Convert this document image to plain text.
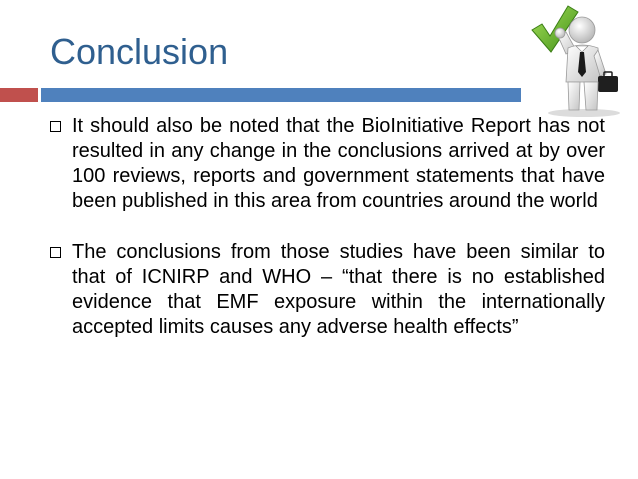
Conclusion
It should also be noted that the BioInitiative Report has not resulted in any change in the conclusions arrived at by over 100 reviews, reports and government statements that have been published in this area from countries around the world
The conclusions from those studies have been similar to that of ICNIRP and WHO – “that there is no established evidence that EMF exposure within the internationally accepted limits causes any adverse health effects”
